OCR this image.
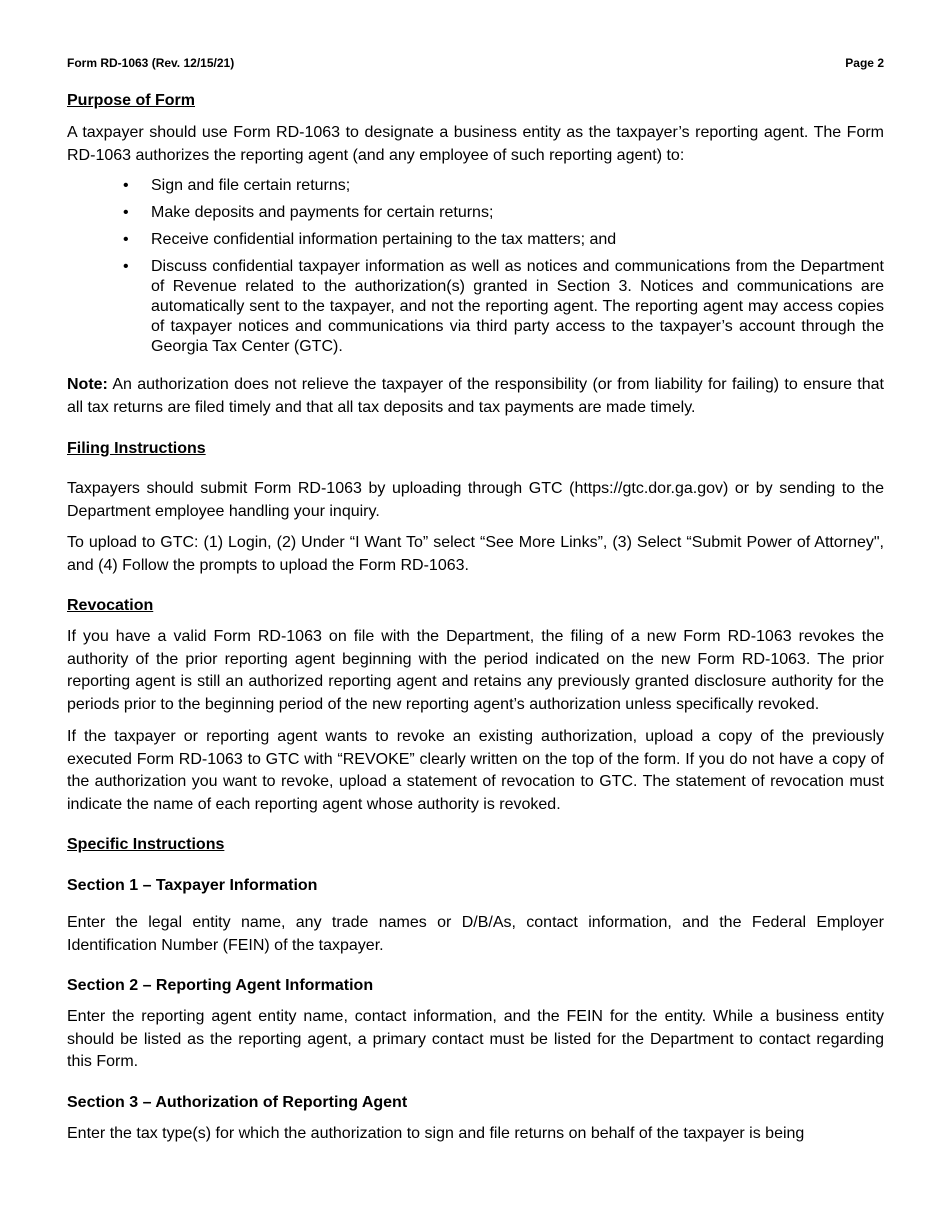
Form RD-1063 (Rev. 12/15/21)	Page 2
Purpose of Form

A taxpayer should use Form RD-1063 to designate a business entity as the taxpayer’s reporting agent. The Form RD-1063 authorizes the reporting agent (and any employee of such reporting agent) to:

• Sign and file certain returns;
• Make deposits and payments for certain returns;
• Receive confidential information pertaining to the tax matters; and
• Discuss confidential taxpayer information as well as notices and communications from the Department of Revenue related to the authorization(s) granted in Section 3. Notices and communications are automatically sent to the taxpayer, and not the reporting agent. The reporting agent may access copies of taxpayer notices and communications via third party access to the taxpayer’s account through the Georgia Tax Center (GTC).

Note: An authorization does not relieve the taxpayer of the responsibility (or from liability for failing) to ensure that all tax returns are filed timely and that all tax deposits and tax payments are made timely.

Filing Instructions

Taxpayers should submit Form RD-1063 by uploading through GTC (https://gtc.dor.ga.gov) or by sending to the Department employee handling your inquiry.

To upload to GTC: (1) Login, (2) Under “I Want To” select “See More Links”, (3) Select “Submit Power of Attorney", and (4) Follow the prompts to upload the Form RD-1063.

Revocation

If you have a valid Form RD-1063 on file with the Department, the filing of a new Form RD-1063 revokes the authority of the prior reporting agent beginning with the period indicated on the new Form RD-1063. The prior reporting agent is still an authorized reporting agent and retains any previously granted disclosure authority for the periods prior to the beginning period of the new reporting agent’s authorization unless specifically revoked.

If the taxpayer or reporting agent wants to revoke an existing authorization, upload a copy of the previously executed Form RD-1063 to GTC with “REVOKE” clearly written on the top of the form. If you do not have a copy of the authorization you want to revoke, upload a statement of revocation to GTC. The statement of revocation must indicate the name of each reporting agent whose authority is revoked.

Specific Instructions
Section 1 – Taxpayer Information

Enter the legal entity name, any trade names or D/B/As, contact information, and the Federal Employer Identification Number (FEIN) of the taxpayer.

Section 2 – Reporting Agent Information

Enter the reporting agent entity name, contact information, and the FEIN for the entity. While a business entity should be listed as the reporting agent, a primary contact must be listed for the Department to contact regarding this Form.

Section 3 – Authorization of Reporting Agent

Enter the tax type(s) for which the authorization to sign and file returns on behalf of the taxpayer is being
